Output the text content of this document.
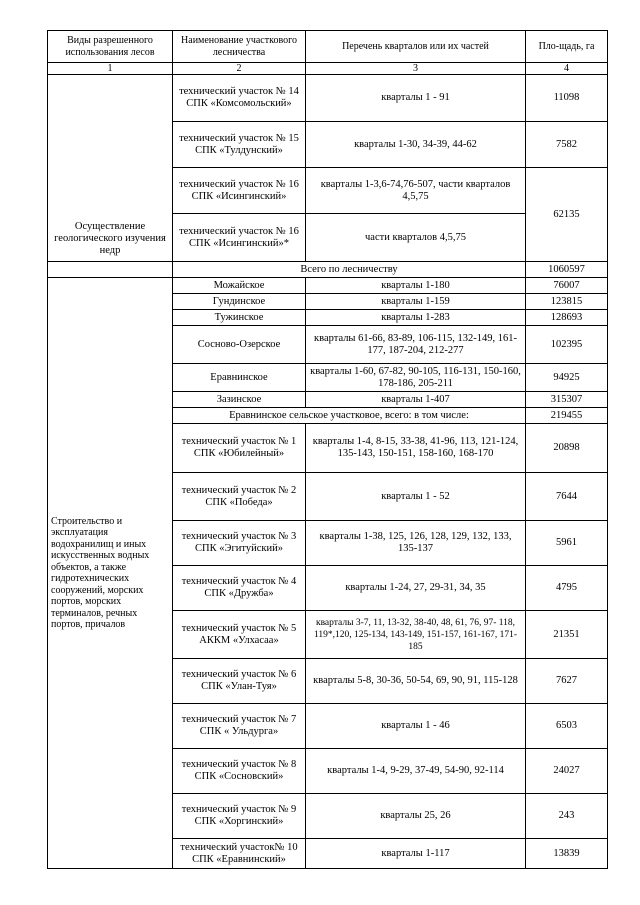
Виды разрешенного использования лесов	Наименование участкового лесничества	Перечень кварталов или их частей	Пло-щадь, га
1	2	3	4
Осуществление геологического изучения недр	технический участок № 14 СПК «Комсомольский»	кварталы 1 - 91	11098
	технический участок № 15 СПК «Тулдунский»	кварталы 1-30, 34-39, 44-62	7582
	технический участок № 16 СПК «Исингинский»	кварталы 1-3,6-74,76-507, части кварталов 4,5,75	62135
	технический участок № 16 СПК «Исингинский»*	части кварталов 4,5,75	
	Всего по лесничеству		1060597
Строительство и эксплуатация водохранилищ и иных искусственных водных объектов, а также гидротехнических сооружений, морских портов, морских терминалов, речных портов, причалов	Можайское	кварталы 1-180	76007
	Гундинское	кварталы 1-159	123815
	Тужинское	кварталы 1-283	128693
	Сосново-Озерское	кварталы 61-66, 83-89, 106-115, 132-149, 161-177, 187-204, 212-277	102395
	Еравнинское	кварталы 1-60, 67-82, 90-105, 116-131, 150-160, 178-186, 205-211	94925
	Зазинское	кварталы 1-407	315307
	Еравнинское сельское участковое, всего: в том числе:		219455
	технический участок № 1 СПК «Юбилейный»	кварталы 1-4, 8-15, 33-38, 41-96, 113, 121-124, 135-143, 150-151, 158-160, 168-170	20898
	технический участок № 2 СПК «Победа»	кварталы 1 - 52	7644
	технический участок № 3 СПК «Эгитуйский»	кварталы 1-38, 125, 126, 128, 129, 132, 133, 135-137	5961
	технический участок № 4 СПК «Дружба»	кварталы 1-24, 27, 29-31, 34, 35	4795
	технический участок № 5 АККМ «Улхасаа»	кварталы 3-7, 11, 13-32, 38-40, 48, 61, 76, 97- 118, 119*,120, 125-134, 143-149, 151-157, 161-167, 171-185	21351
	технический участок № 6 СПК «Улан-Туя»	кварталы 5-8, 30-36, 50-54, 69, 90, 91, 115-128	7627
	технический участок № 7 СПК « Ульдурга»	кварталы 1 - 46	6503
	технический участок № 8 СПК «Сосновский»	кварталы 1-4, 9-29, 37-49, 54-90, 92-114	24027
	технический участок № 9 СПК «Хоргинский»	кварталы 25, 26	243
	технический участок№ 10 СПК «Еравнинский»	кварталы 1-117	13839
